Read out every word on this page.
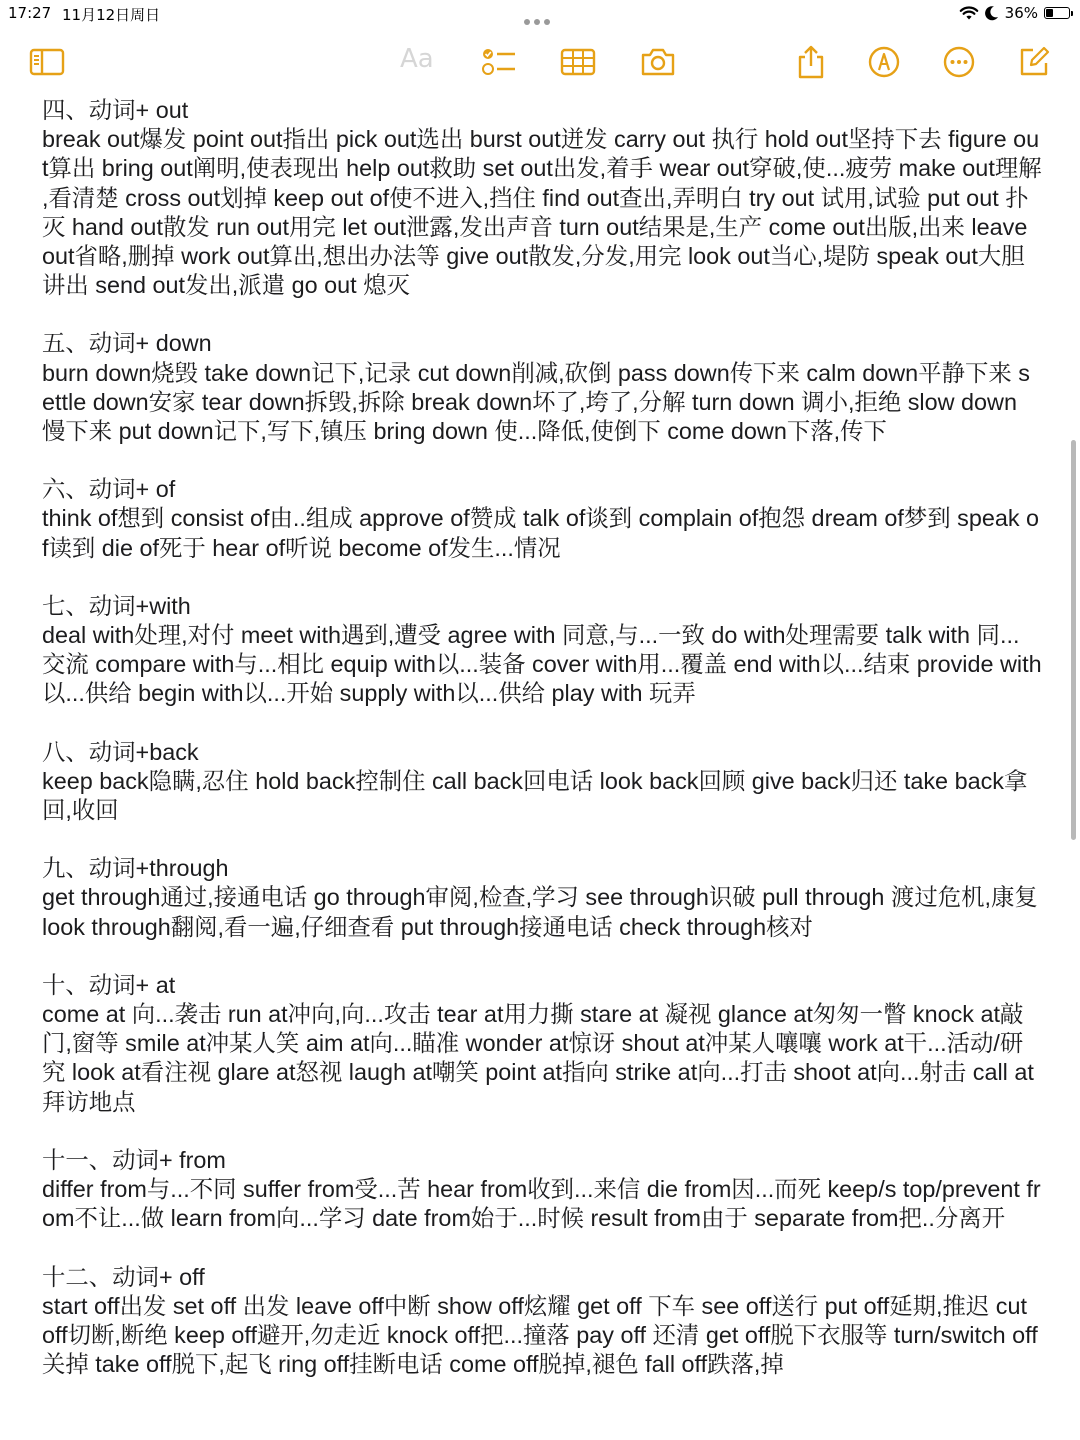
17:27 11月12日周日	36%
Aa

四、动词+ out

break out爆发 point out指出 pick out选出 burst out迸发 carry out 执行 hold out坚持下去 figure out算出 bring out阐明,使表现出 help out救助 set out出发,着手 wear out穿破,使...疲劳 make out理解,看清楚 cross out划掉 keep out of使不进入,挡住 find out查出,弄明白 try out 试用,试验 put out 扑灭 hand out散发 run out用完 let out泄露,发出声音 turn out结果是,生产 come out出版,出来 leave out省略,删掉 work out算出,想出办法等 give out散发,分发,用完 look out当心,堤防 speak out大胆讲出 send out发出,派遣 go out 熄灭

五、动词+ down

burn down烧毁 take down记下,记录 cut down削减,砍倒 pass down传下来 calm down平静下来 settle down安家 tear down拆毁,拆除 break down坏了,垮了,分解 turn down 调小,拒绝 slow down 慢下来 put down记下,写下,镇压 bring down 使...降低,使倒下 come down下落,传下

六、动词+ of

think of想到 consist of由..组成 approve of赞成 talk of谈到 complain of抱怨 dream of梦到 speak of读到 die of死于 hear of听说 become of发生...情况

七、动词+with

deal with处理,对付 meet with遇到,遭受 agree with 同意,与...一致 do with处理需要 talk with 同...交流 compare with与...相比 equip with以...装备 cover with用...覆盖 end with以...结束 provide with 以...供给 begin with以...开始 supply with以...供给 play with 玩弄

八、动词+back

keep back隐瞒,忍住 hold back控制住 call back回电话 look back回顾 give back归还 take back拿回,收回

九、动词+through

get through通过,接通电话 go through审阅,检查,学习 see through识破 pull through 渡过危机,康复 look through翻阅,看一遍,仔细查看 put through接通电话 check through核对

十、动词+ at

come at 向...袭击 run at冲向,向...攻击 tear at用力撕 stare at 凝视 glance at匆匆一瞥 knock at敲门,窗等 smile at冲某人笑 aim at向...瞄准 wonder at惊讶 shout at冲某人嚷嚷 work at干...活动/研究 look at看注视 glare at怒视 laugh at嘲笑 point at指向 strike at向...打击 shoot at向...射击 call at拜访地点

十一、动词+ from

differ from与...不同 suffer from受...苦 hear from收到...来信 die from因...而死 keep/s top/prevent from不让...做 learn from向...学习 date from始于...时候 result from由于 separate from把..分离开

十二、动词+ off

start off出发 set off 出发 leave off中断 show off炫耀 get off 下车 see off送行 put off延期,推迟 cut off切断,断绝 keep off避开,勿走近 knock off把...撞落 pay off 还清 get off脱下衣服等 turn/switch off关掉 take off脱下,起飞 ring off挂断电话 come off脱掉,褪色 fall off跌落,掉
